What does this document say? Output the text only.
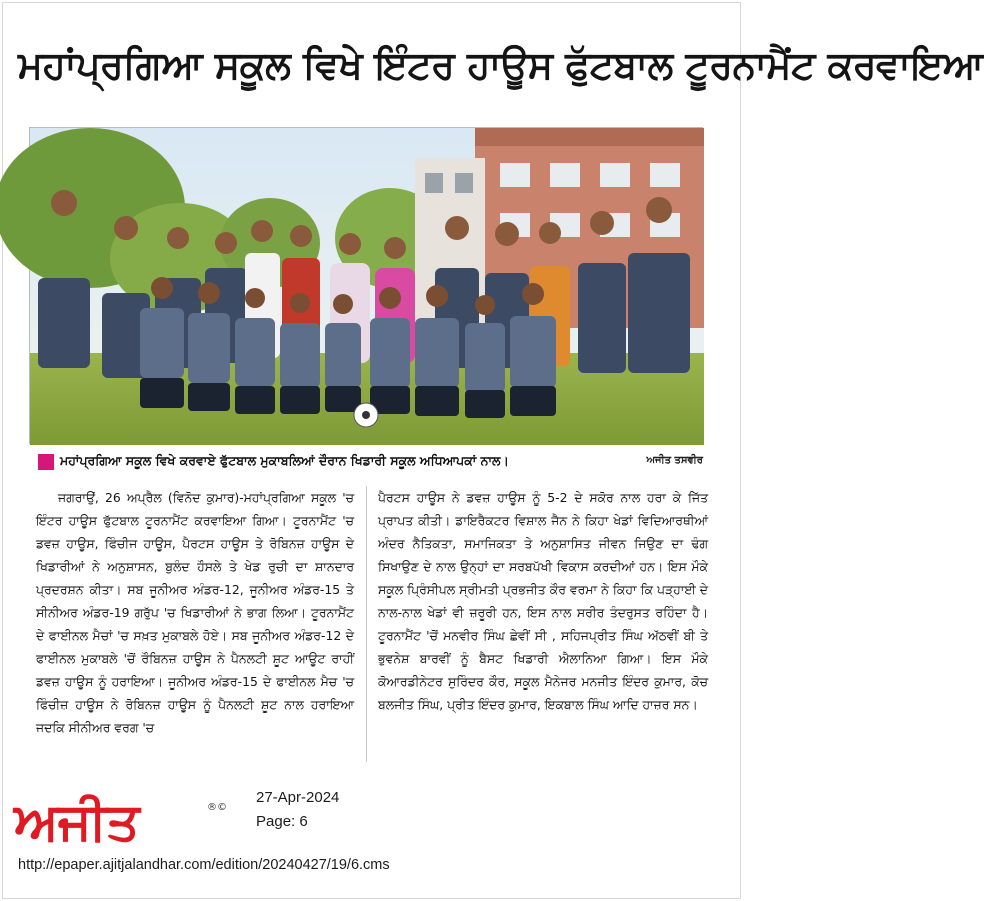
ਮਹਾਂਪ੍ਰਗਿਆ ਸਕੂਲ ਵਿਖੇ ਇੰਟਰ ਹਾਊਸ ਫੁੱਟਬਾਲ ਟੂਰਨਾਮੈਂਟ ਕਰਵਾਇਆ
ਮਹਾਂਪ੍ਰਗਿਆ ਸਕੂਲ ਵਿਖੇ ਕਰਵਾਏ ਫੁੱਟਬਾਲ ਮੁਕਾਬਲਿਆਂ ਦੌਰਾਨ ਖਿਡਾਰੀ ਸਕੂਲ ਅਧਿਆਪਕਾਂ ਨਾਲ।	ਅਜੀਤ ਤਸਵੀਰ

ਜਗਰਾਉਂ, 26 ਅਪ੍ਰੈਲ (ਵਿਨੋਦ ਕੁਮਾਰ)-ਮਹਾਂਪ੍ਰਗਿਆ ਸਕੂਲ 'ਚ ਇੰਟਰ ਹਾਊਸ ਫੁੱਟਬਾਲ ਟੂਰਨਾਮੈਂਟ ਕਰਵਾਇਆ ਗਿਆ। ਟੂਰਨਾਮੈਂਟ 'ਚ ਡਵਜ਼ ਹਾਊਸ, ਫਿੰਚੀਜ ਹਾਊਸ, ਪੈਰਟਸ ਹਾਊਸ ਤੇ ਰੋਬਿਨਜ਼ ਹਾਊਸ ਦੇ ਖਿਡਾਰੀਆਂ ਨੇ ਅਨੁਸ਼ਾਸਨ, ਬੁਲੰਦ ਹੌਸਲੇ ਤੇ ਖੇਡ ਰੁਚੀ ਦਾ ਸ਼ਾਨਦਾਰ ਪ੍ਰਦਰਸ਼ਨ ਕੀਤਾ। ਸਬ ਜੂਨੀਅਰ ਅੰਡਰ-12, ਜੂਨੀਅਰ ਅੰਡਰ-15 ਤੇ ਸੀਨੀਅਰ ਅੰਡਰ-19 ਗਰੁੱਪ 'ਚ ਖਿਡਾਰੀਆਂ ਨੇ ਭਾਗ ਲਿਆ। ਟੂਰਨਾਮੈਂਟ ਦੇ ਫਾਈਨਲ ਮੈਚਾਂ 'ਚ ਸਖ਼ਤ ਮੁਕਾਬਲੇ ਹੋਏ। ਸਬ ਜੂਨੀਅਰ ਅੰਡਰ-12 ਦੇ ਫਾਈਨਲ ਮੁਕਾਬਲੇ 'ਚੋਂ ਰੌਬਿਨਜ਼ ਹਾਊਸ ਨੇ ਪੈਨਲਟੀ ਸ਼ੂਟ ਆਊਟ ਰਾਹੀਂ ਡਵਜ਼ ਹਾਊਸ ਨੂੰ ਹਰਾਇਆ। ਜੂਨੀਅਰ ਅੰਡਰ-15 ਦੇ ਫਾਈਨਲ ਮੈਚ 'ਚ ਫਿੰਚੀਜ਼ ਹਾਊਸ ਨੇ ਰੋਬਿਨਜ਼ ਹਾਊਸ ਨੂੰ ਪੈਨਲਟੀ ਸ਼ੂਟ ਨਾਲ ਹਰਾਇਆ ਜਦਕਿ ਸੀਨੀਅਰ ਵਰਗ 'ਚ

ਪੈਰਟਸ ਹਾਊਸ ਨੇ ਡਵਜ਼ ਹਾਊਸ ਨੂੰ 5-2 ਦੇ ਸਕੋਰ ਨਾਲ ਹਰਾ ਕੇ ਜਿੱਤ ਪ੍ਰਾਪਤ ਕੀਤੀ। ਡਾਇਰੈਕਟਰ ਵਿਸ਼ਾਲ ਜੈਨ ਨੇ ਕਿਹਾ ਖੇਡਾਂ ਵਿਦਿਆਰਥੀਆਂ ਅੰਦਰ ਨੈਤਿਕਤਾ, ਸਮਾਜਿਕਤਾ ਤੇ ਅਨੁਸ਼ਾਸਿਤ ਜੀਵਨ ਜਿਉਣ ਦਾ ਢੰਗ ਸਿਖਾਉਣ ਦੇ ਨਾਲ ਉਨ੍ਹਾਂ ਦਾ ਸਰਬਪੱਖੀ ਵਿਕਾਸ ਕਰਦੀਆਂ ਹਨ। ਇਸ ਮੌਕੇ ਸਕੂਲ ਪ੍ਰਿੰਸੀਪਲ ਸ੍ਰੀਮਤੀ ਪ੍ਰਭਜੀਤ ਕੌਰ ਵਰਮਾ ਨੇ ਕਿਹਾ ਕਿ ਪੜ੍ਹਾਈ ਦੇ ਨਾਲ-ਨਾਲ ਖੇਡਾਂ ਵੀ ਜ਼ਰੂਰੀ ਹਨ, ਇਸ ਨਾਲ ਸਰੀਰ ਤੰਦਰੁਸਤ ਰਹਿੰਦਾ ਹੈ। ਟੂਰਨਾਮੈਂਟ 'ਚੋਂ ਮਨਵੀਰ ਸਿੰਘ ਛੇਵੀਂ ਸੀ , ਸਹਿਜਪ੍ਰੀਤ ਸਿੰਘ ਅੱਠਵੀਂ ਬੀ ਤੇ ਭੁਵਨੇਸ਼ ਬਾਰਵੀਂ ਨੂੰ ਬੈਸਟ ਖਿਡਾਰੀ ਐਲਾਨਿਆ ਗਿਆ। ਇਸ ਮੌਕੇ ਕੋਆਰਡੀਨੇਟਰ ਸੁਰਿੰਦਰ ਕੌਰ, ਸਕੂਲ ਮੈਨੇਜਰ ਮਨਜੀਤ ਇੰਦਰ ਕੁਮਾਰ, ਕੋਚ ਬਲਜੀਤ ਸਿੰਘ, ਪ੍ਰੀਤ ਇੰਦਰ ਕੁਮਾਰ, ਇਕਬਾਲ ਸਿੰਘ ਆਦਿ ਹਾਜ਼ਰ ਸਨ।

ਅਜੀਤ	®©
27-Apr-2024
Page: 6
http://epaper.ajitjalandhar.com/edition/20240427/19/6.cms
